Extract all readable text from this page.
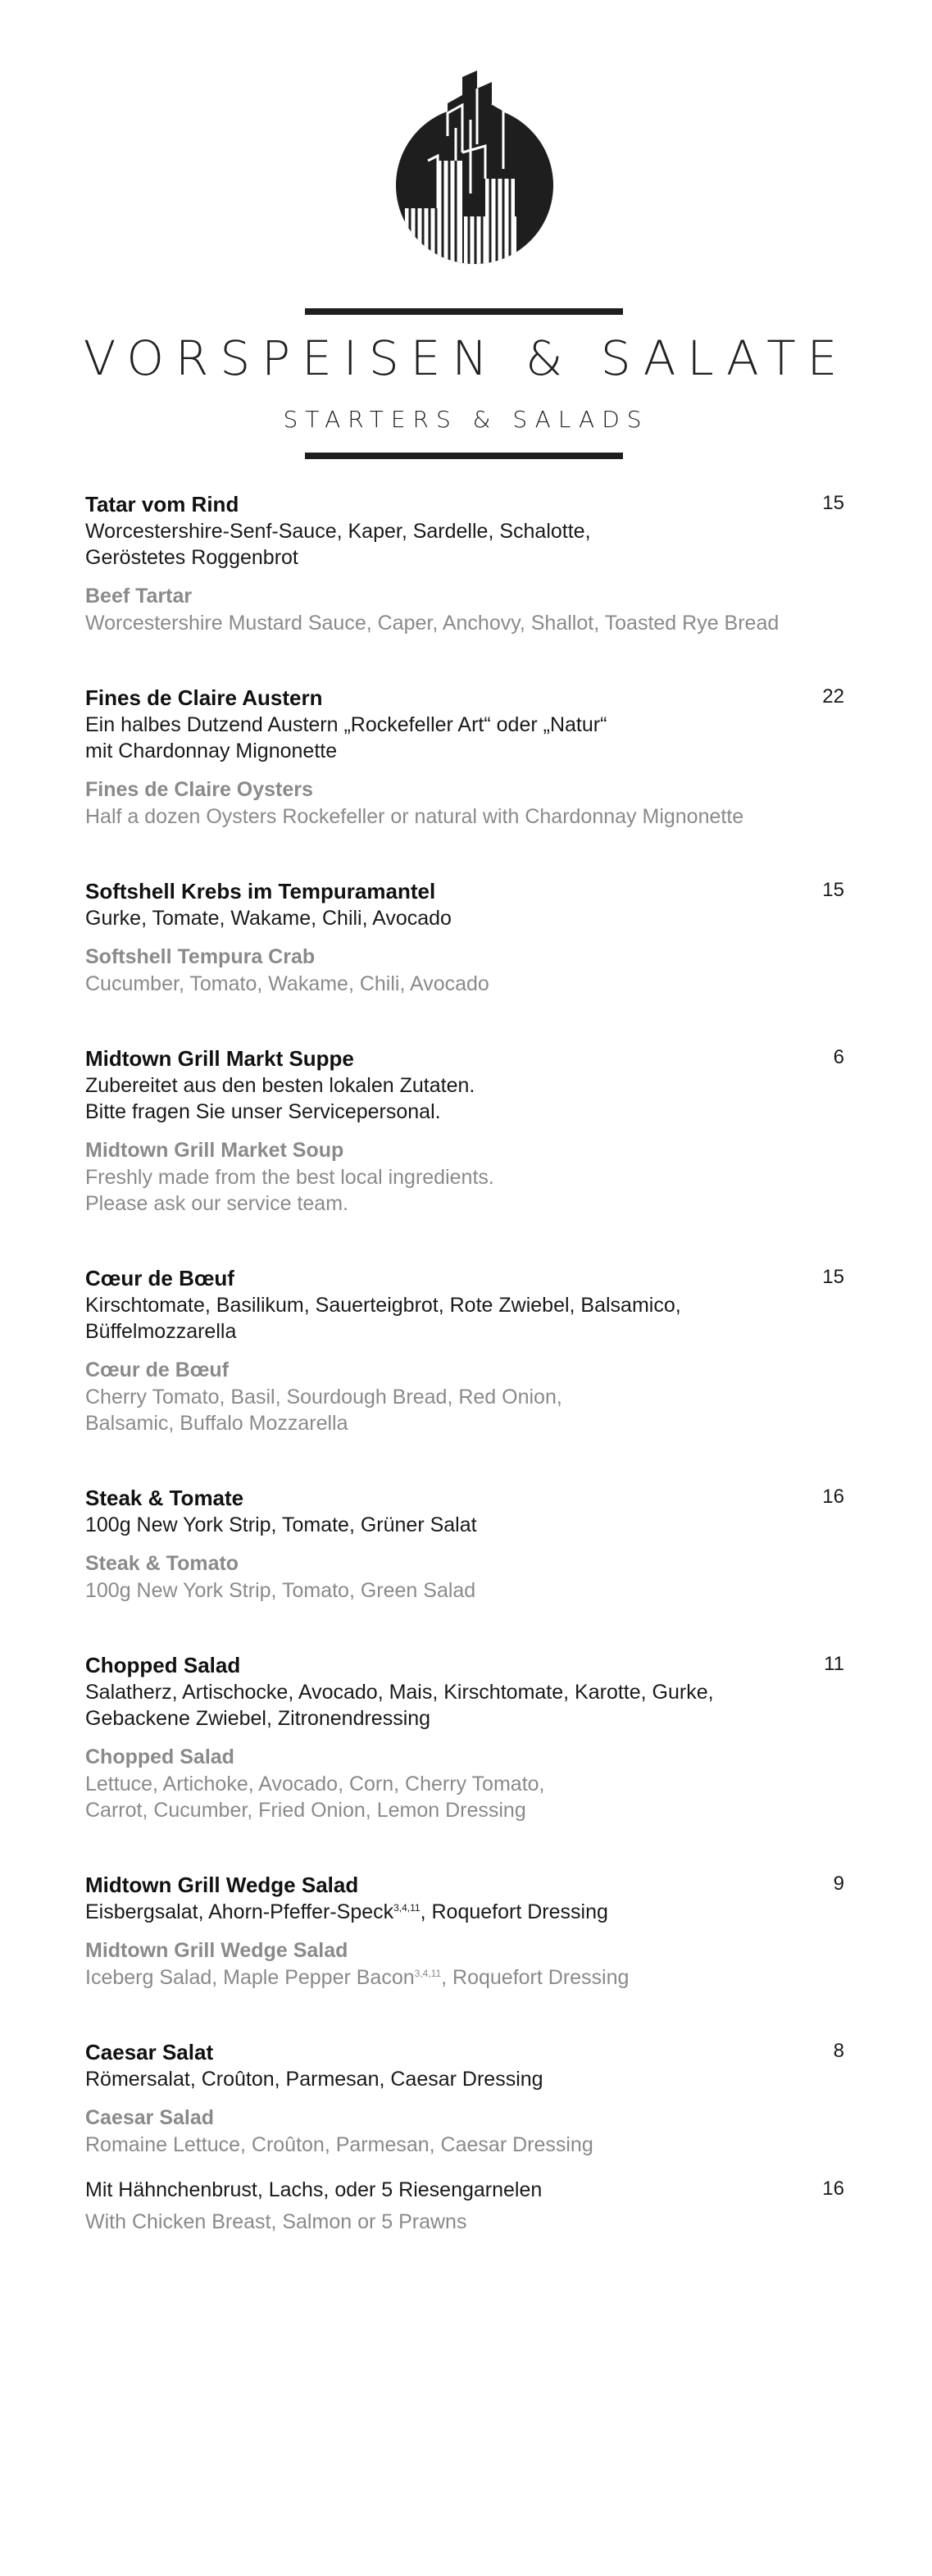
VORSPEISEN & SALATE
STARTERS & SALADS
15
Tatar vom Rind
Worcestershire-Senf-Sauce, Kaper, Sardelle, Schalotte,
Geröstetes Roggenbrot
Beef Tartar
Worcestershire Mustard Sauce, Caper, Anchovy, Shallot, Toasted Rye Bread
22
Fines de Claire Austern
Ein halbes Dutzend Austern „Rockefeller Art“ oder „Natur“
mit Chardonnay Mignonette
Fines de Claire Oysters
Half a dozen Oysters Rockefeller or natural with Chardonnay Mignonette
15
Softshell Krebs im Tempuramantel
Gurke, Tomate, Wakame, Chili, Avocado
Softshell Tempura Crab
Cucumber, Tomato, Wakame, Chili, Avocado
6
Midtown Grill Markt Suppe
Zubereitet aus den besten lokalen Zutaten.
Bitte fragen Sie unser Servicepersonal.
Midtown Grill Market Soup
Freshly made from the best local ingredients.
Please ask our service team.
15
Cœur de Bœuf
Kirschtomate, Basilikum, Sauerteigbrot, Rote Zwiebel, Balsamico,
Büffelmozzarella
Cœur de Bœuf
Cherry Tomato, Basil, Sourdough Bread, Red Onion,
Balsamic, Buffalo Mozzarella
16
Steak & Tomate
100g New York Strip, Tomate, Grüner Salat
Steak & Tomato
100g New York Strip, Tomato, Green Salad
11
Chopped Salad
Salatherz, Artischocke, Avocado, Mais, Kirschtomate, Karotte, Gurke,
Gebackene Zwiebel, Zitronendressing
Chopped Salad
Lettuce, Artichoke, Avocado, Corn, Cherry Tomato,
Carrot, Cucumber, Fried Onion, Lemon Dressing
9
Midtown Grill Wedge Salad
Eisbergsalat, Ahorn-Pfeffer-Speck$^{3,4,11}$, Roquefort Dressing
Midtown Grill Wedge Salad
Iceberg Salad, Maple Pepper Bacon$^{3,4,11}$, Roquefort Dressing
8
Caesar Salat
Römersalat, Croûton, Parmesan, Caesar Dressing
Caesar Salad
Romaine Lettuce, Croûton, Parmesan, Caesar Dressing
16
Mit Hähnchenbrust, Lachs, oder 5 Riesengarnelen
With Chicken Breast, Salmon or 5 Prawns
